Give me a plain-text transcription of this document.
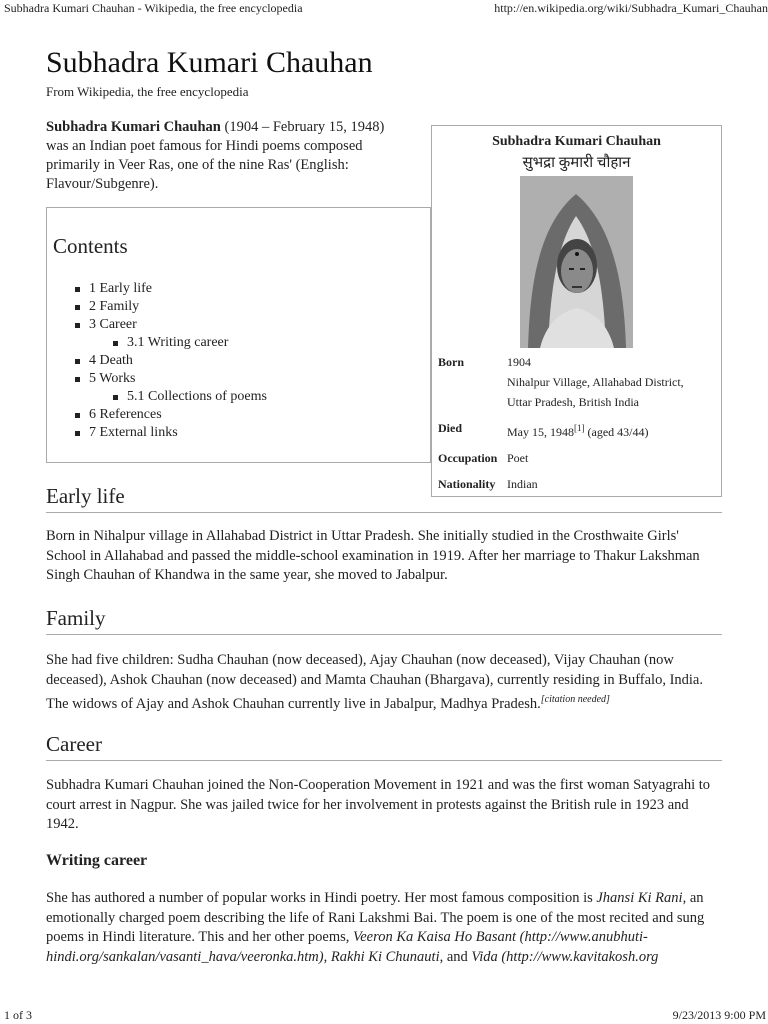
Subhadra Kumari Chauhan - Wikipedia, the free encyclopedia	http://en.wikipedia.org/wiki/Subhadra_Kumari_Chauhan
Subhadra Kumari Chauhan
From Wikipedia, the free encyclopedia
Subhadra Kumari Chauhan (1904 – February 15, 1948) was an Indian poet famous for Hindi poems composed primarily in Veer Ras, one of the nine Ras' (English: Flavour/Subgenre).
Subhadra Kumari Chauhan
सुभद्रा कुमारी चौहान
Born	1904
Nihalpur Village, Allahabad District,
Uttar Pradesh, British India
Died	May 15, 1948[1] (aged 43/44)
Occupation Poet
Nationality Indian
Contents
1 Early life
2 Family
3 Career
3.1 Writing career
4 Death
5 Works
5.1 Collections of poems
6 References
7 External links
Early life
Born in Nihalpur village in Allahabad District in Uttar Pradesh. She initially studied in the Crosthwaite Girls' School in Allahabad and passed the middle-school examination in 1919. After her marriage to Thakur Lakshman Singh Chauhan of Khandwa in the same year, she moved to Jabalpur.
Family
She had five children: Sudha Chauhan (now deceased), Ajay Chauhan (now deceased), Vijay Chauhan (now deceased), Ashok Chauhan (now deceased) and Mamta Chauhan (Bhargava), currently residing in Buffalo, India. The widows of Ajay and Ashok Chauhan currently live in Jabalpur, Madhya Pradesh.[citation needed]
Career
Subhadra Kumari Chauhan joined the Non-Cooperation Movement in 1921 and was the first woman Satyagrahi to court arrest in Nagpur. She was jailed twice for her involvement in protests against the British rule in 1923 and 1942.
Writing career
She has authored a number of popular works in Hindi poetry. Her most famous composition is Jhansi Ki Rani, an emotionally charged poem describing the life of Rani Lakshmi Bai. The poem is one of the most recited and sung poems in Hindi literature. This and her other poems, Veeron Ka Kaisa Ho Basant (http://www.anubhuti-hindi.org/sankalan/vasanti_hava/veeronka.htm), Rakhi Ki Chunauti, and Vida (http://www.kavitakosh.org
1 of 3	9/23/2013 9:00 PM
